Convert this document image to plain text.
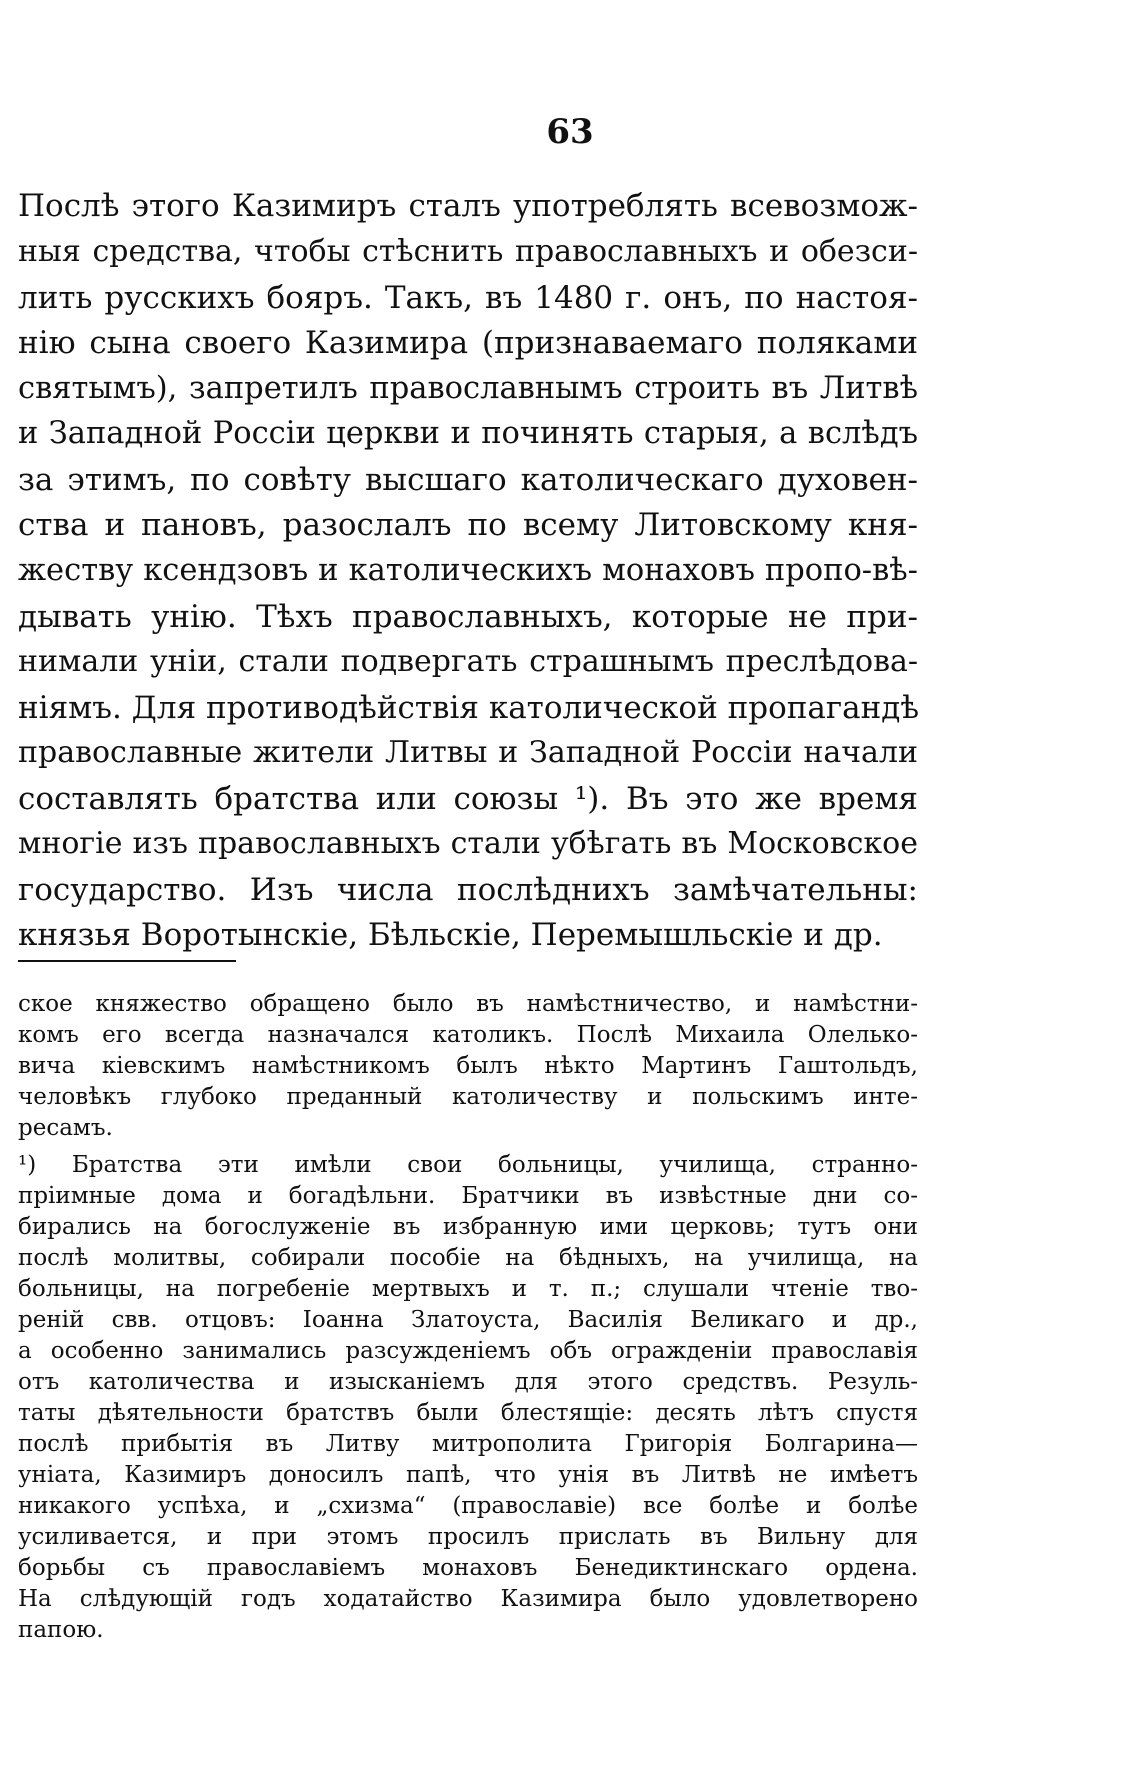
63
Послѣ этого Казимиръ сталъ употреблять всевозмож-
ныя средства, чтобы стѣснить православныхъ и обезси-
лить русскихъ бояръ. Такъ, въ 1480 г. онъ, по настоя-
нію сына своего Казимира (признаваемаго поляками
святымъ), запретилъ православнымъ строить въ Литвѣ
и Западной Россіи церкви и починять старыя, а вслѣдъ
за этимъ, по совѣту высшаго католическаго духовен-
ства и пановъ, разослалъ по всему Литовскому кня-
жеству ксендзовъ и католическихъ монаховъ пропо-вѣ-
дывать унію. Тѣхъ православныхъ, которые не при-
нимали уніи, стали подвергать страшнымъ преслѣдова-
ніямъ. Для противодѣйствія католической пропагандѣ
православные жители Литвы и Западной Россіи начали
составлять братства или союзы ¹). Въ это же время
многіе изъ православныхъ стали убѣгать въ Московское
государство. Изъ числа послѣднихъ замѣчательны:
князья Воротынскіе, Бѣльскіе, Перемышльскіе и др.
ское княжество обращено было въ намѣстничество, и намѣстни-
комъ его всегда назначался католикъ. Послѣ Михаила Олелько-
вича кіевскимъ намѣстникомъ былъ нѣкто Мартинъ Гаштольдъ,
человѣкъ глубоко преданный католичеству и польскимъ инте-
ресамъ.
¹) Братства эти имѣли свои больницы, училища, странно-
пріимные дома и богадѣльни. Братчики въ извѣстные дни со-
бирались на богослуженіе въ избранную ими церковь; тутъ они
послѣ молитвы, собирали пособіе на бѣдныхъ, на училища, на
больницы, на погребеніе мертвыхъ и т. п.; слушали чтеніе тво-
реній свв. отцовъ: Іоанна Златоуста, Василія Великаго и др.,
а особенно занимались разсужденіемъ объ огражденіи православія
отъ католичества и изысканіемъ для этого средствъ. Резуль-
таты дѣятельности братствъ были блестящіе: десять лѣтъ спустя
послѣ прибытія въ Литву митрополита Григорія Болгарина—
уніата, Казимиръ доносилъ папѣ, что унія въ Литвѣ не имѣетъ
никакого успѣха, и „схизма“ (православіе) все болѣе и болѣе
усиливается, и при этомъ просилъ прислать въ Вильну для
борьбы съ православіемъ монаховъ Бенедиктинскаго ордена.
На слѣдующій годъ ходатайство Казимира было удовлетворено
папою.
